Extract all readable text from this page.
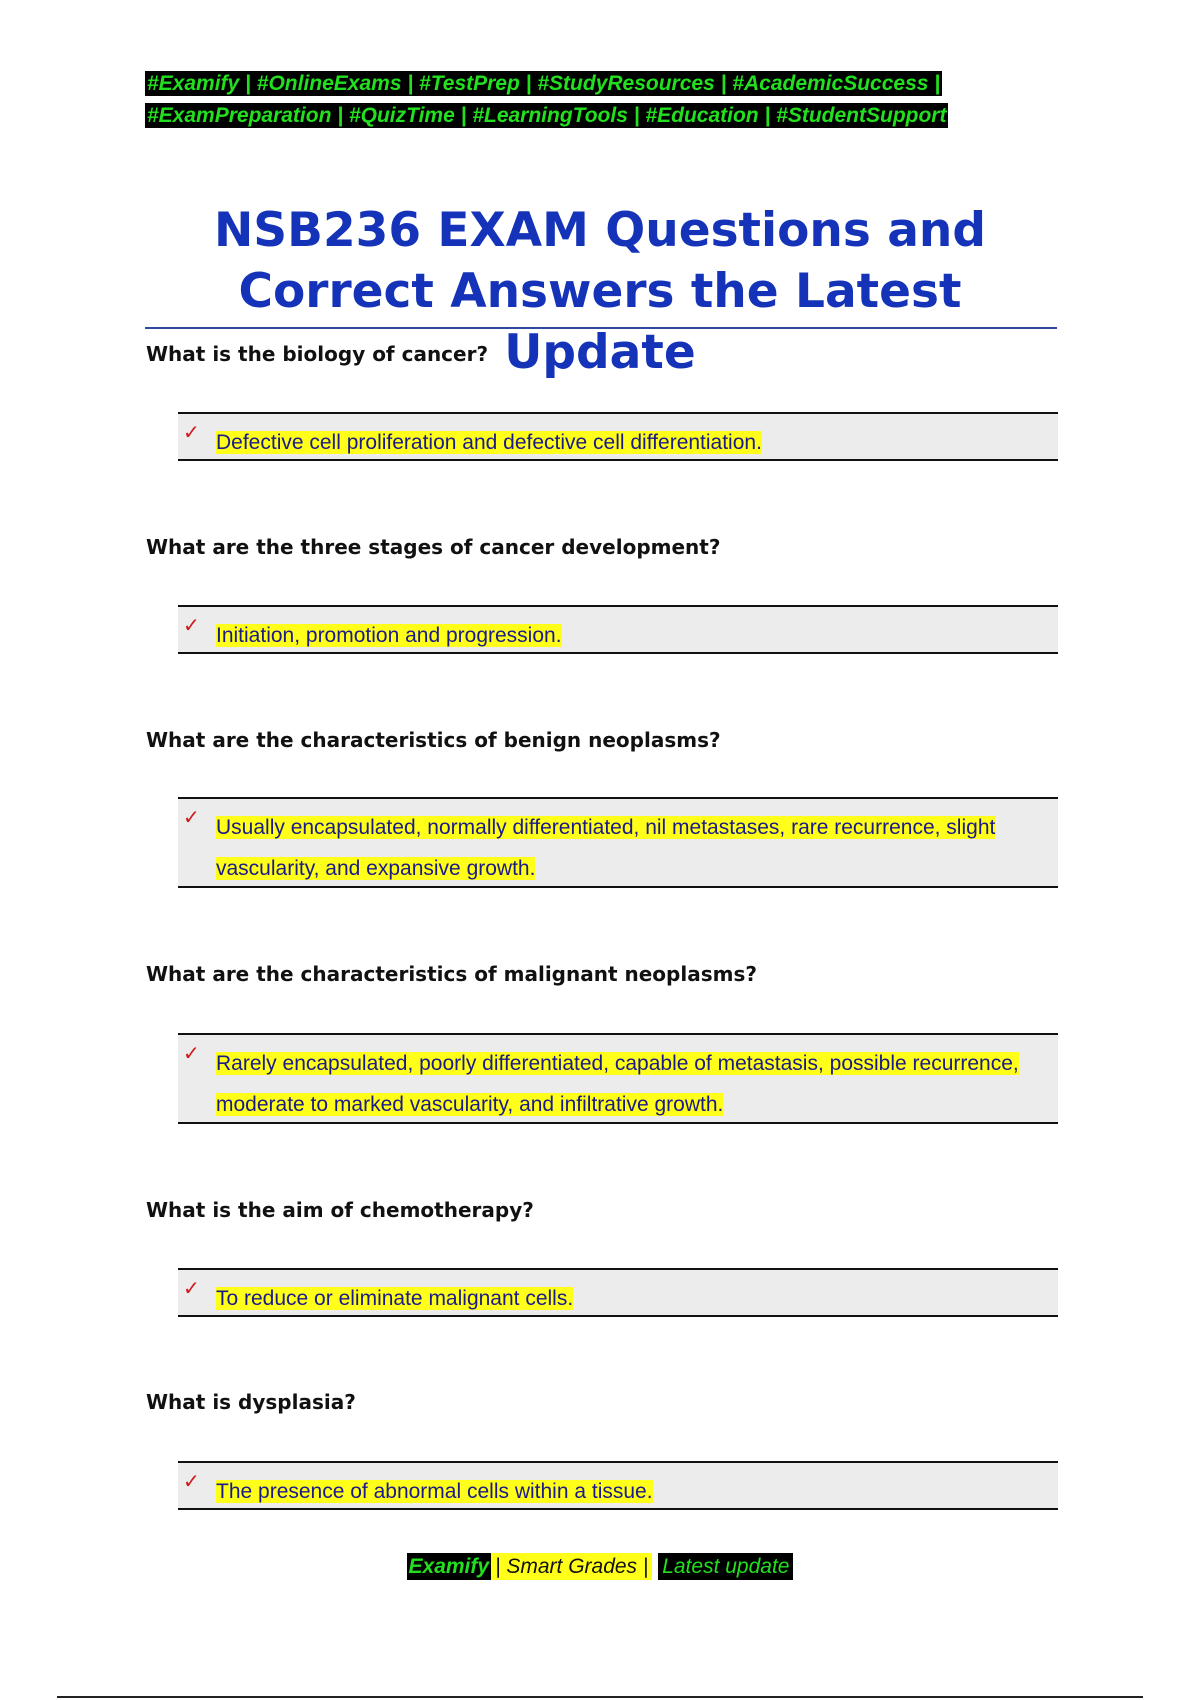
#Examify | #OnlineExams | #TestPrep | #StudyResources | #AcademicSuccess |
#ExamPreparation | #QuizTime | #LearningTools | #Education | #StudentSupport
NSB236 EXAM Questions and
Correct Answers the Latest Update
What is the biology of cancer?
✓ Defective cell proliferation and defective cell differentiation.
What are the three stages of cancer development?
✓ Initiation, promotion and progression.
What are the characteristics of benign neoplasms?
✓ Usually encapsulated, normally differentiated, nil metastases, rare recurrence, slight vascularity, and expansive growth.
What are the characteristics of malignant neoplasms?
✓ Rarely encapsulated, poorly differentiated, capable of metastasis, possible recurrence, moderate to marked vascularity, and infiltrative growth.
What is the aim of chemotherapy?
✓ To reduce or eliminate malignant cells.
What is dysplasia?
✓ The presence of abnormal cells within a tissue.
Examify | Smart Grades | Latest update
